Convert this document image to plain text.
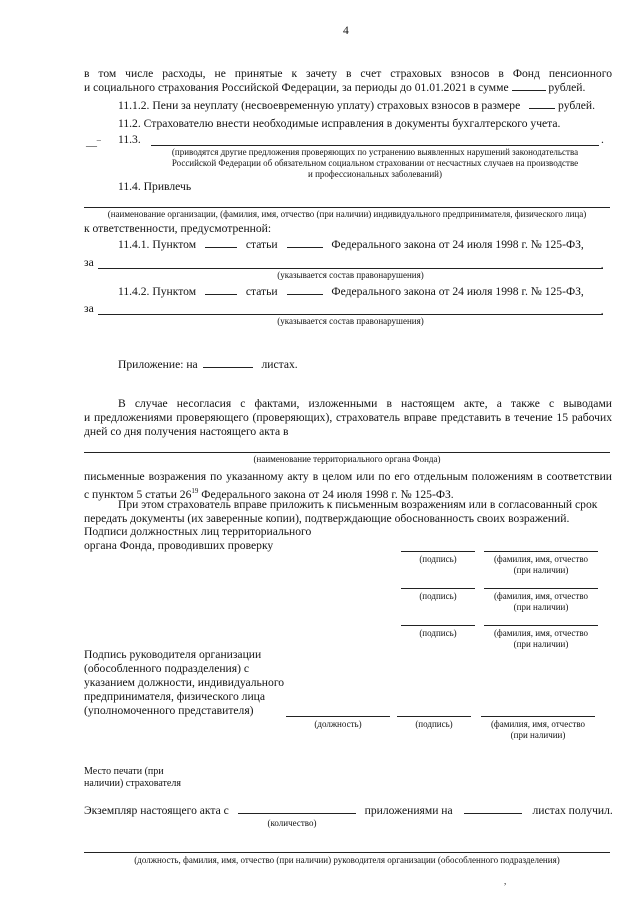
4
в том числе расходы, не принятые к зачету в счет страховых взносов в Фонд пенсионного
и социального страхования Российской Федерации, за периоды до 01.01.2021 в сумме	рублей.
11.1.2. Пени за неуплату (несвоевременную уплату) страховых взносов в размере	рублей.
11.2. Страхователю внести необходимые исправления в документы бухгалтерского учета.
—‾ 11.3.	.
(приводятся другие предложения проверяющих по устранению выявленных нарушений законодательства
Российской Федерации об обязательном социальном страховании от несчастных случаев на производстве
и профессиональных заболеваний)
11.4. Привлечь
(наименование организации, (фамилия, имя, отчество (при наличии) индивидуального предпринимателя, физического лица)
к ответственности, предусмотренной:
11.4.1. Пунктом	статьи	Федерального закона от 24 июля 1998 г. № 125-ФЗ,
за	.
(указывается состав правонарушения)
11.4.2. Пунктом	статьи	Федерального закона от 24 июля 1998 г. № 125-ФЗ,
за	.
(указывается состав правонарушения)
Приложение: на	листах.
В случае несогласия с фактами, изложенными в настоящем акте, а также с выводами
и предложениями проверяющего (проверяющих), страхователь вправе представить в течение 15 рабочих
дней со дня получения настоящего акта в
(наименование территориального органа Фонда)
письменные возражения по указанному акту в целом или по его отдельным положениям в соответствии
с пунктом 5 статьи $26^{19}$ Федерального закона от 24 июля 1998 г. № 125-ФЗ.
При этом страхователь вправе приложить к письменным возражениям или в согласованный срок
передать документы (их заверенные копии), подтверждающие обоснованность своих возражений.
Подписи должностных лиц территориального
органа Фонда, проводивших проверку
(подпись)	(фамилия, имя, отчество
(при наличии)
(подпись)	(фамилия, имя, отчество
(при наличии)
(подпись)	(фамилия, имя, отчество
(при наличии)
Подпись руководителя организации
(обособленного подразделения) с
указанием должности, индивидуального
предпринимателя, физического лица
(уполномоченного представителя)
(должность)	(подпись)	(фамилия, имя, отчество
(при наличии)
Место печати (при
наличии) страхователя
Экземпляр настоящего акта с	приложениями на	листах получил.
(количество)
(должность, фамилия, имя, отчество (при наличии) руководителя организации (обособленного подразделения)
,
